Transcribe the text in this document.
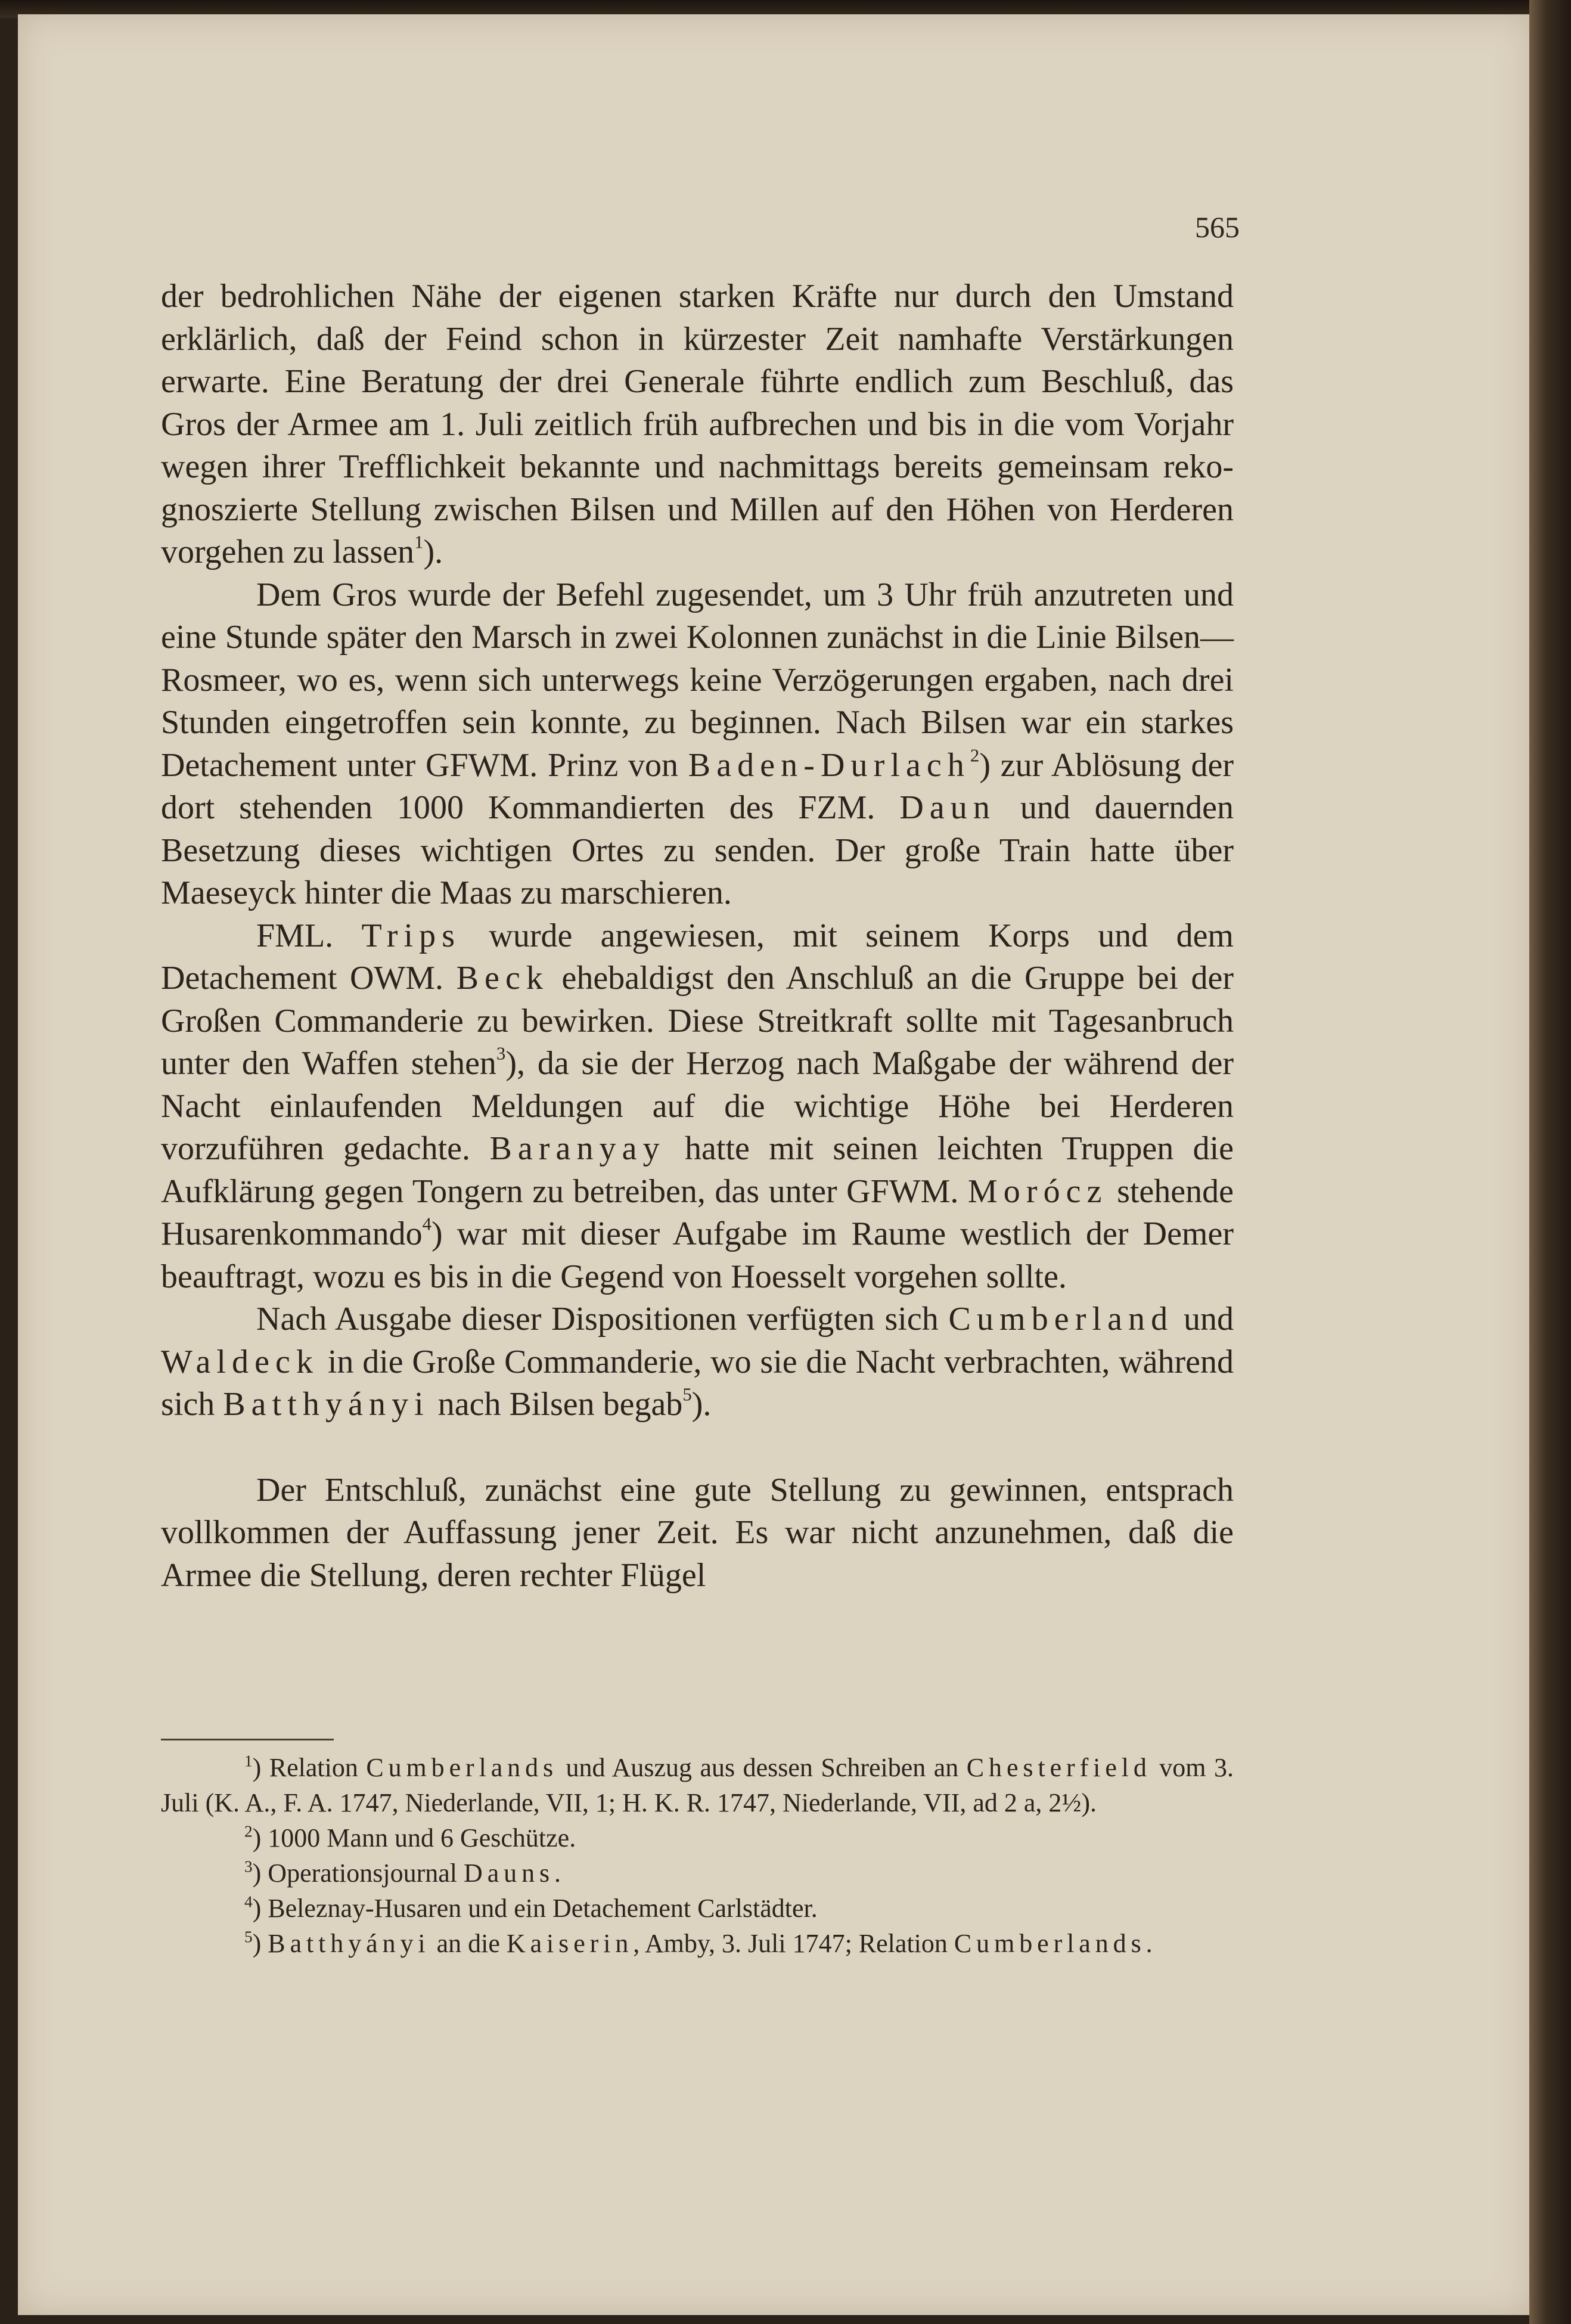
565

der bedrohlichen Nähe der eigenen starken Kräfte nur durch den Umstand erklärlich, daß der Feind schon in kürzester Zeit namhafte Verstärkungen erwarte. Eine Beratung der drei Generale führte endlich zum Beschluß, das Gros der Armee am 1. Juli zeitlich früh aufbrechen und bis in die vom Vorjahr wegen ihrer Trefflichkeit bekannte und nachmittags bereits gemeinsam rekognoszierte Stellung zwischen Bilsen und Millen auf den Höhen von Herderen vorgehen zu lassen$^1$).

Dem Gros wurde der Befehl zugesendet, um 3 Uhr früh anzutreten und eine Stunde später den Marsch in zwei Kolonnen zunächst in die Linie Bilsen—Rosmeer, wo es, wenn sich unterwegs keine Verzögerungen ergaben, nach drei Stunden eingetroffen sein konnte, zu beginnen. Nach Bilsen war ein starkes Detachement unter GFWM. Prinz von Baden-Durlach$^2$) zur Ablösung der dort stehenden 1000 Kommandierten des FZM. Daun und dauernden Besetzung dieses wichtigen Ortes zu senden. Der große Train hatte über Maeseyck hinter die Maas zu marschieren.

FML. Trips wurde angewiesen, mit seinem Korps und dem Detachement OWM. Beck ehebaldigst den Anschluß an die Gruppe bei der Großen Commanderie zu bewirken. Diese Streitkraft sollte mit Tagesanbruch unter den Waffen stehen$^3$), da sie der Herzog nach Maßgabe der während der Nacht einlaufenden Meldungen auf die wichtige Höhe bei Herderen vorzuführen gedachte. Baranyay hatte mit seinen leichten Truppen die Aufklärung gegen Tongern zu betreiben, das unter GFWM. Morócz stehende Husarenkommando$^4$) war mit dieser Aufgabe im Raume westlich der Demer beauftragt, wozu es bis in die Gegend von Hoesselt vorgehen sollte.

Nach Ausgabe dieser Dispositionen verfügten sich Cumberland und Waldeck in die Große Commanderie, wo sie die Nacht verbrachten, während sich Batthyányi nach Bilsen begab$^5$).

Der Entschluß, zunächst eine gute Stellung zu gewinnen, entsprach vollkommen der Auffassung jener Zeit. Es war nicht anzunehmen, daß die Armee die Stellung, deren rechter Flügel

$^1$) Relation Cumberlands und Auszug aus dessen Schreiben an Chesterfield vom 3. Juli (K. A., F. A. 1747, Niederlande, VII, 1; H. K. R. 1747, Niederlande, VII, ad 2 a, 2½).

$^2$) 1000 Mann und 6 Geschütze.

$^3$) Operationsjournal Dauns.

$^4$) Beleznay-Husaren und ein Detachement Carlstädter.

$^5$) Batthyányi an die Kaiserin, Amby, 3. Juli 1747; Relation Cumberlands.
